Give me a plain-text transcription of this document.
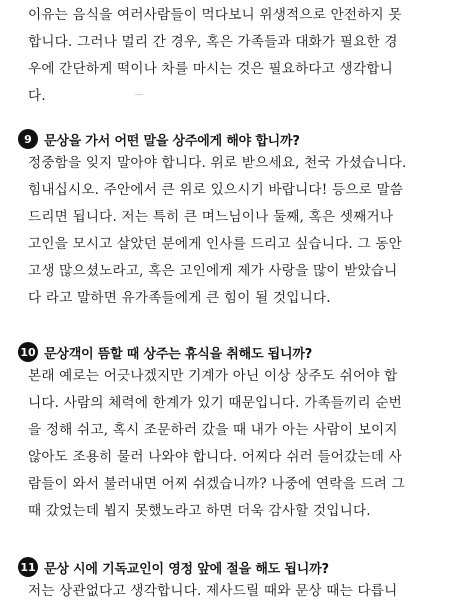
이유는 음식을 여러사람들이 먹다보니 위생적으로 안전하지 못
합니다. 그러나 멀리 간 경우, 혹은 가족들과 대화가 필요한 경
우에 간단하게 떡이나 차를 마시는 것은 필요하다고 생각합니
다.
9 문상을 가서 어떤 말을 상주에게 해야 합니까?
정중함을 잊지 말아야 합니다. 위로 받으세요, 천국 가셨습니다.
힘내십시오. 주안에서 큰 위로 있으시기 바랍니다! 등으로 말씀
드리면 됩니다. 저는 특히 큰 며느님이나 둘째, 혹은 셋째거나
고인을 모시고 살았던 분에게 인사를 드리고 싶습니다. 그 동안
고생 많으셨노라고, 혹은 고인에게 제가 사랑을 많이 받았습니
다 라고 말하면 유가족들에게 큰 힘이 될 것입니다.
10 문상객이 뜸할 때 상주는 휴식을 취해도 됩니까?
본래 예로는 어긋나겠지만 기계가 아닌 이상 상주도 쉬어야 합
니다. 사람의 체력에 한계가 있기 때문입니다. 가족들끼리 순번
을 정해 쉬고, 혹시 조문하러 갔을 때 내가 아는 사람이 보이지
않아도 조용히 물러 나와야 합니다. 어찌다 쉬러 들어갔는데 사
람들이 와서 불러내면 어찌 쉬겠습니까? 나중에 연락을 드려 그
때 갔었는데 뵙지 못했노라고 하면 더욱 감사할 것입니다.
11 문상 시에 기독교인이 영정 앞에 절을 해도 됩니까?
저는 상관없다고 생각합니다. 제사드릴 때와 문상 때는 다릅니
